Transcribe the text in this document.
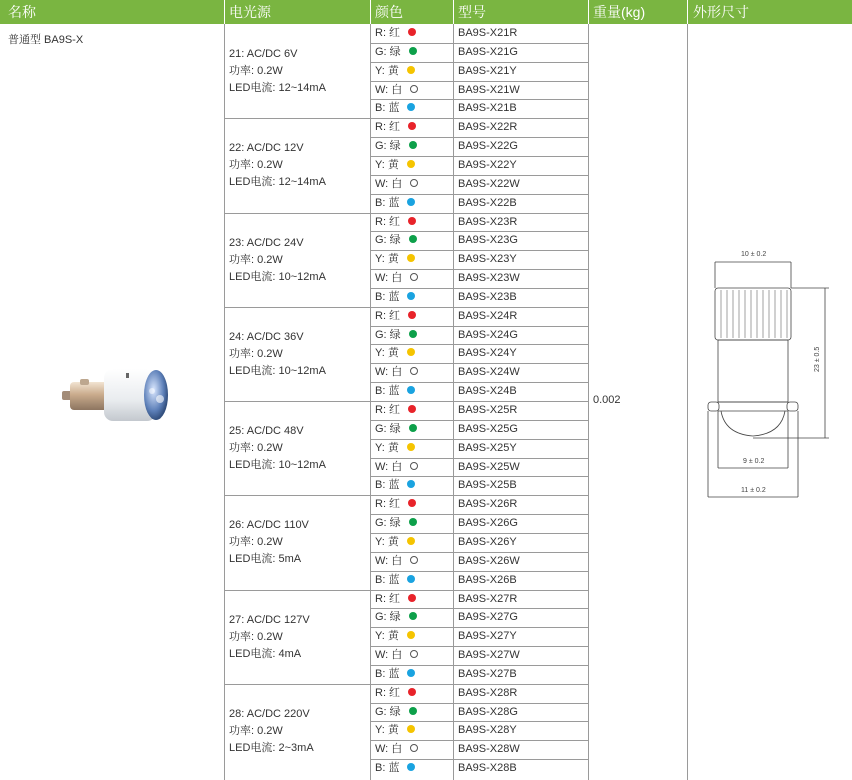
名称	电光源	颜色	型号	重量(kg)	外形尺寸
普通型 BA9S-X
0.002
21: AC/DC 6V
功率: 0.2W
LED电流: 12~14mA
R: 红	BA9S-X21R
G: 绿	BA9S-X21G
Y: 黄	BA9S-X21Y
W: 白	BA9S-X21W
B: 蓝	BA9S-X21B
22: AC/DC 12V
功率: 0.2W
LED电流: 12~14mA
R: 红	BA9S-X22R
G: 绿	BA9S-X22G
Y: 黄	BA9S-X22Y
W: 白	BA9S-X22W
B: 蓝	BA9S-X22B
23: AC/DC 24V
功率: 0.2W
LED电流: 10~12mA
R: 红	BA9S-X23R
G: 绿	BA9S-X23G
Y: 黄	BA9S-X23Y
W: 白	BA9S-X23W
B: 蓝	BA9S-X23B
24: AC/DC 36V
功率: 0.2W
LED电流: 10~12mA
R: 红	BA9S-X24R
G: 绿	BA9S-X24G
Y: 黄	BA9S-X24Y
W: 白	BA9S-X24W
B: 蓝	BA9S-X24B
25: AC/DC 48V
功率: 0.2W
LED电流: 10~12mA
R: 红	BA9S-X25R
G: 绿	BA9S-X25G
Y: 黄	BA9S-X25Y
W: 白	BA9S-X25W
B: 蓝	BA9S-X25B
26: AC/DC 110V
功率: 0.2W
LED电流: 5mA
R: 红	BA9S-X26R
G: 绿	BA9S-X26G
Y: 黄	BA9S-X26Y
W: 白	BA9S-X26W
B: 蓝	BA9S-X26B
27: AC/DC 127V
功率: 0.2W
LED电流: 4mA
R: 红	BA9S-X27R
G: 绿	BA9S-X27G
Y: 黄	BA9S-X27Y
W: 白	BA9S-X27W
B: 蓝	BA9S-X27B
28: AC/DC 220V
功率: 0.2W
LED电流: 2~3mA
R: 红	BA9S-X28R
G: 绿	BA9S-X28G
Y: 黄	BA9S-X28Y
W: 白	BA9S-X28W
B: 蓝	BA9S-X28B
10 ± 0.2
23 ± 0.5
9 ± 0.2
11 ± 0.2
